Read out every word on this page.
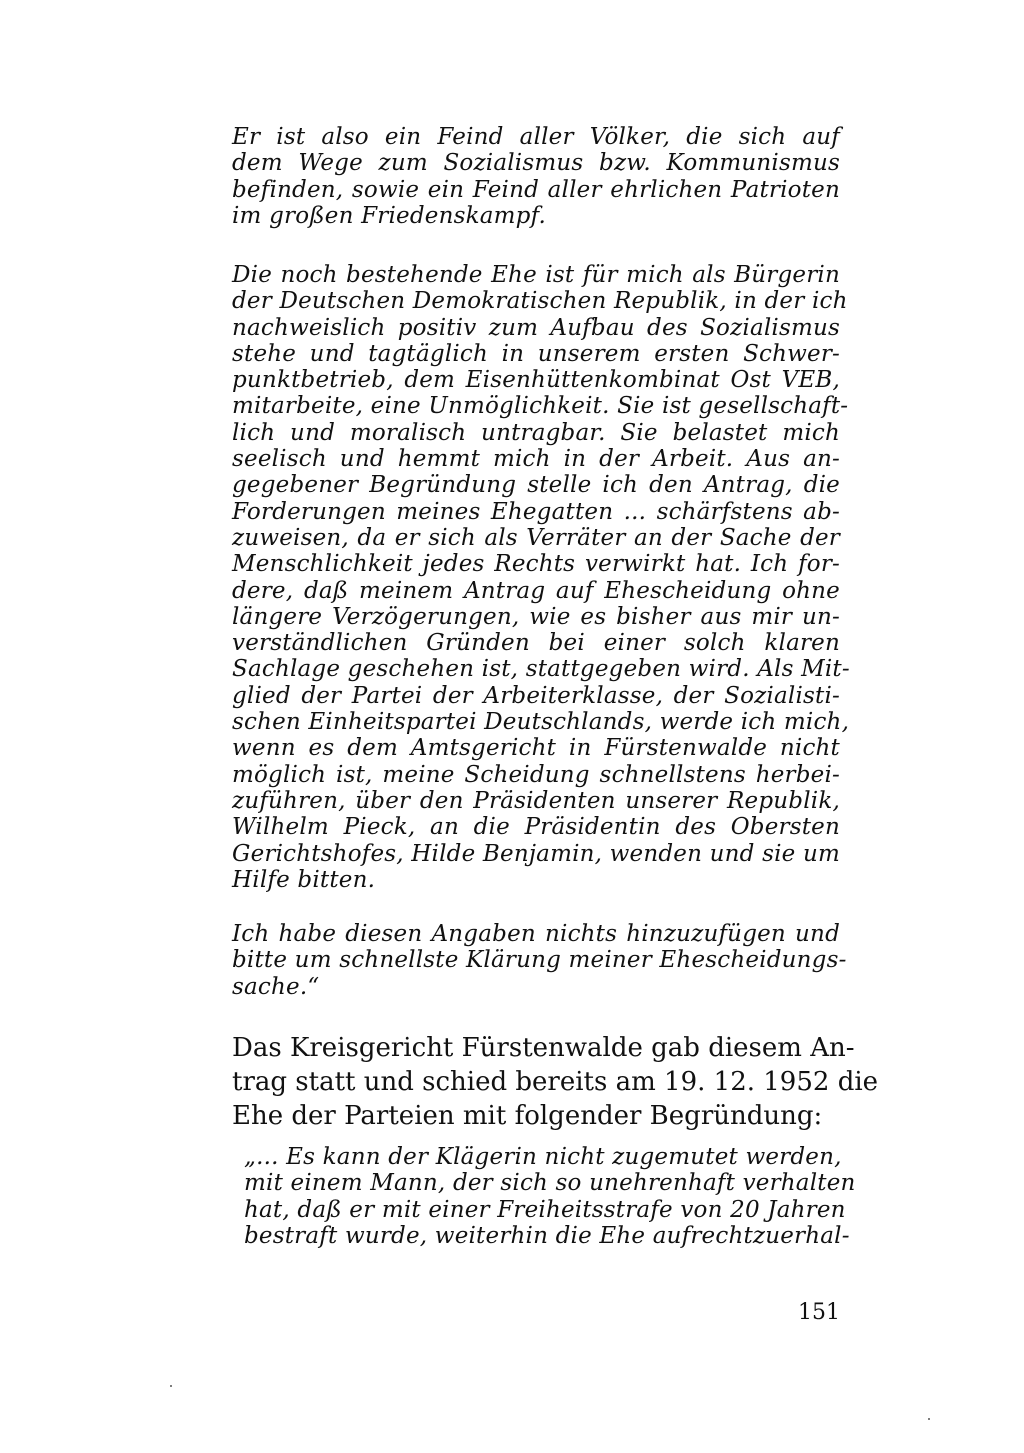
Er ist also ein Feind aller Völker, die sich auf
dem Wege zum Sozialismus bzw. Kommunismus
befinden, sowie ein Feind aller ehrlichen Patrioten
im großen Friedenskampf.
Die noch bestehende Ehe ist für mich als Bürgerin
der Deutschen Demokratischen Republik, in der ich
nachweislich positiv zum Aufbau des Sozialismus
stehe und tagtäglich in unserem ersten Schwer-
punktbetrieb, dem Eisenhüttenkombinat Ost VEB,
mitarbeite, eine Unmöglichkeit. Sie ist gesellschaft-
lich und moralisch untragbar. Sie belastet mich
seelisch und hemmt mich in der Arbeit. Aus an-
gegebener Begründung stelle ich den Antrag, die
Forderungen meines Ehegatten ... schärfstens ab-
zuweisen, da er sich als Verräter an der Sache der
Menschlichkeit jedes Rechts verwirkt hat. Ich for-
dere, daß meinem Antrag auf Ehescheidung ohne
längere Verzögerungen, wie es bisher aus mir un-
verständlichen Gründen bei einer solch klaren
Sachlage geschehen ist, stattgegeben wird. Als Mit-
glied der Partei der Arbeiterklasse, der Sozialisti-
schen Einheitspartei Deutschlands, werde ich mich,
wenn es dem Amtsgericht in Fürstenwalde nicht
möglich ist, meine Scheidung schnellstens herbei-
zuführen, über den Präsidenten unserer Republik,
Wilhelm Pieck, an die Präsidentin des Obersten
Gerichtshofes, Hilde Benjamin, wenden und sie um
Hilfe bitten.
Ich habe diesen Angaben nichts hinzuzufügen und
bitte um schnellste Klärung meiner Ehescheidungs-
sache.“
Das Kreisgericht Fürstenwalde gab diesem An-
trag statt und schied bereits am 19. 12. 1952 die
Ehe der Parteien mit folgender Begründung:
„... Es kann der Klägerin nicht zugemutet werden,
mit einem Mann, der sich so unehrenhaft verhalten
hat, daß er mit einer Freiheitsstrafe von 20 Jahren
bestraft wurde, weiterhin die Ehe aufrechtzuerhal-
151
